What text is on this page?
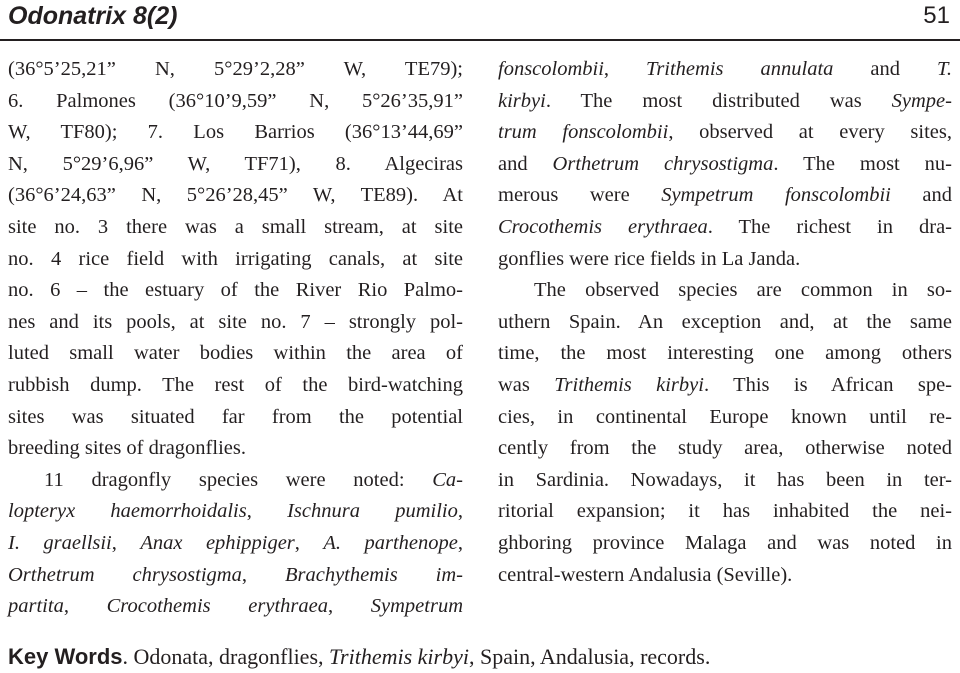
Odonatrix 8(2)	51
(36°5’25,21” N, 5°29’2,28” W, TE79);
6. Palmones (36°10’9,59” N, 5°26’35,91”
W, TF80); 7. Los Barrios (36°13’44,69”
N, 5°29’6,96” W, TF71), 8. Algeciras
(36°6’24,63” N, 5°26’28,45” W, TE89). At
site no. 3 there was a small stream, at site
no. 4 rice field with irrigating canals, at site
no. 6 – the estuary of the River Rio Palmo-
nes and its pools, at site no. 7 – strongly pol-
luted small water bodies within the area of
rubbish dump. The rest of the bird-watching
sites was situated far from the potential
breeding sites of dragonflies.
11 dragonfly species were noted: Ca-
lopteryx haemorrhoidalis, Ischnura pumilio,
I. graellsii, Anax ephippiger, A. parthenope,
Orthetrum chrysostigma, Brachythemis im-
partita, Crocothemis erythraea, Sympetrum
fonscolombii, Trithemis annulata and T.
kirbyi. The most distributed was Sympe-
trum fonscolombii, observed at every sites,
and Orthetrum chrysostigma. The most nu-
merous were Sympetrum fonscolombii and
Crocothemis erythraea. The richest in dra-
gonflies were rice fields in La Janda.
The observed species are common in so-
uthern Spain. An exception and, at the same
time, the most interesting one among others
was Trithemis kirbyi. This is African spe-
cies, in continental Europe known until re-
cently from the study area, otherwise noted
in Sardinia. Nowadays, it has been in ter-
ritorial expansion; it has inhabited the nei-
ghboring province Malaga and was noted in
central-western Andalusia (Seville).
Key Words. Odonata, dragonflies, Trithemis kirbyi, Spain, Andalusia, records.
